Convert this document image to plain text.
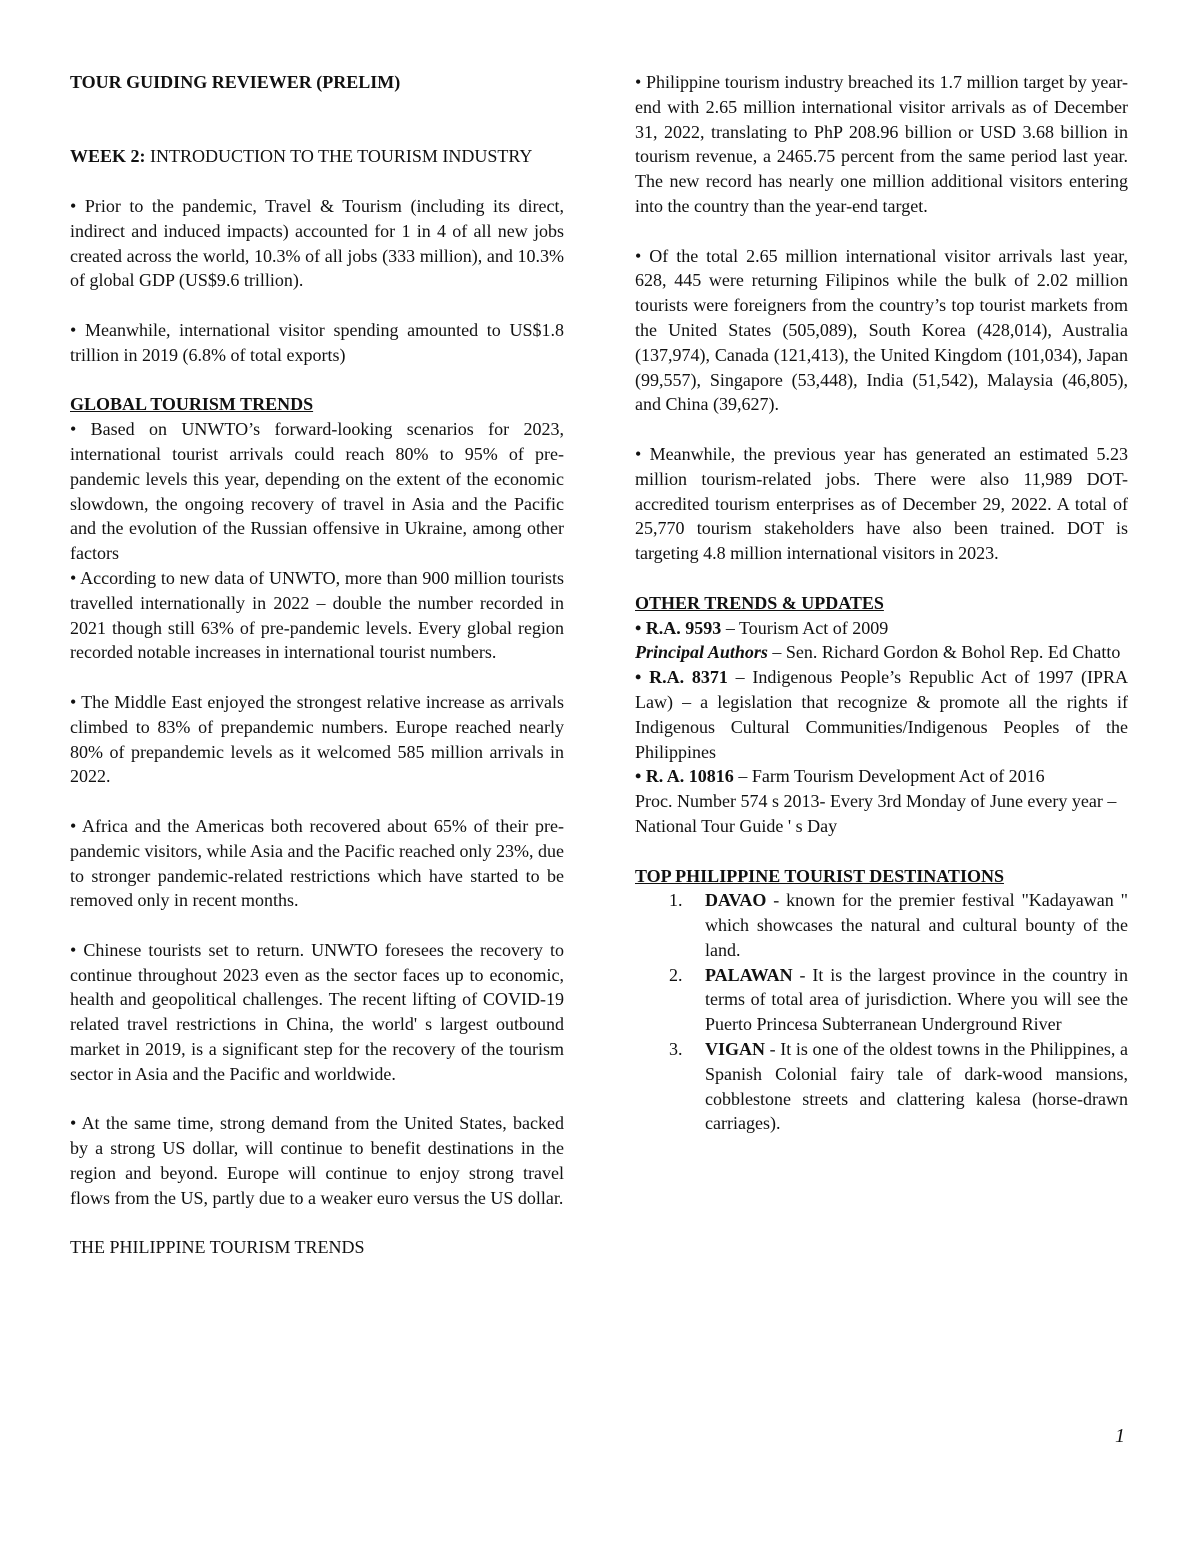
TOUR GUIDING REVIEWER (PRELIM)

WEEK 2: INTRODUCTION TO THE TOURISM INDUSTRY

• Prior to the pandemic, Travel & Tourism (including its direct, indirect and induced impacts) accounted for 1 in 4 of all new jobs created across the world, 10.3% of all jobs (333 million), and 10.3% of global GDP (US$9.6 trillion).

• Meanwhile, international visitor spending amounted to US$1.8 trillion in 2019 (6.8% of total exports)

GLOBAL TOURISM TRENDS

• Based on UNWTO’s forward-looking scenarios for 2023, international tourist arrivals could reach 80% to 95% of pre-pandemic levels this year, depending on the extent of the economic slowdown, the ongoing recovery of travel in Asia and the Pacific and the evolution of the Russian offensive in Ukraine, among other factors

• According to new data of UNWTO, more than 900 million tourists travelled internationally in 2022 – double the number recorded in 2021 though still 63% of pre-pandemic levels. Every global region recorded notable increases in international tourist numbers.

• The Middle East enjoyed the strongest relative increase as arrivals climbed to 83% of prepandemic numbers. Europe reached nearly 80% of prepandemic levels as it welcomed 585 million arrivals in 2022.

• Africa and the Americas both recovered about 65% of their pre-pandemic visitors, while Asia and the Pacific reached only 23%, due to stronger pandemic-related restrictions which have started to be removed only in recent months.

• Chinese tourists set to return. UNWTO foresees the recovery to continue throughout 2023 even as the sector faces up to economic, health and geopolitical challenges. The recent lifting of COVID-19 related travel restrictions in China, the world' s largest outbound market in 2019, is a significant step for the recovery of the tourism sector in Asia and the Pacific and worldwide.

• At the same time, strong demand from the United States, backed by a strong US dollar, will continue to benefit destinations in the region and beyond. Europe will continue to enjoy strong travel flows from the US, partly due to a weaker euro versus the US dollar.

THE PHILIPPINE TOURISM TRENDS

• Philippine tourism industry breached its 1.7 million target by year-end with 2.65 million international visitor arrivals as of December 31, 2022, translating to PhP 208.96 billion or USD 3.68 billion in tourism revenue, a 2465.75 percent from the same period last year. The new record has nearly one million additional visitors entering into the country than the year-end target.

• Of the total 2.65 million international visitor arrivals last year, 628, 445 were returning Filipinos while the bulk of 2.02 million tourists were foreigners from the country’s top tourist markets from the United States (505,089), South Korea (428,014), Australia (137,974), Canada (121,413), the United Kingdom (101,034), Japan (99,557), Singapore (53,448), India (51,542), Malaysia (46,805), and China (39,627).

• Meanwhile, the previous year has generated an estimated 5.23 million tourism-related jobs. There were also 11,989 DOT-accredited tourism enterprises as of December 29, 2022. A total of 25,770 tourism stakeholders have also been trained. DOT is targeting 4.8 million international visitors in 2023.

OTHER TRENDS & UPDATES

• R.A. 9593 – Tourism Act of 2009

Principal Authors – Sen. Richard Gordon & Bohol Rep. Ed Chatto

• R.A. 8371 – Indigenous People’s Republic Act of 1997 (IPRA Law) – a legislation that recognize & promote all the rights if Indigenous Cultural Communities/Indigenous Peoples of the Philippines

• R. A. 10816 – Farm Tourism Development Act of 2016

Proc. Number 574 s 2013- Every 3rd Monday of June every year – National Tour Guide ' s Day

TOP PHILIPPINE TOURIST DESTINATIONS

1. DAVAO - known for the premier festival "Kadayawan " which showcases the natural and cultural bounty of the land.
2. PALAWAN - It is the largest province in the country in terms of total area of jurisdiction. Where you will see the Puerto Princesa Subterranean Underground River
3. VIGAN - It is one of the oldest towns in the Philippines, a Spanish Colonial fairy tale of dark-wood mansions, cobblestone streets and clattering kalesa (horse-drawn carriages).
1
